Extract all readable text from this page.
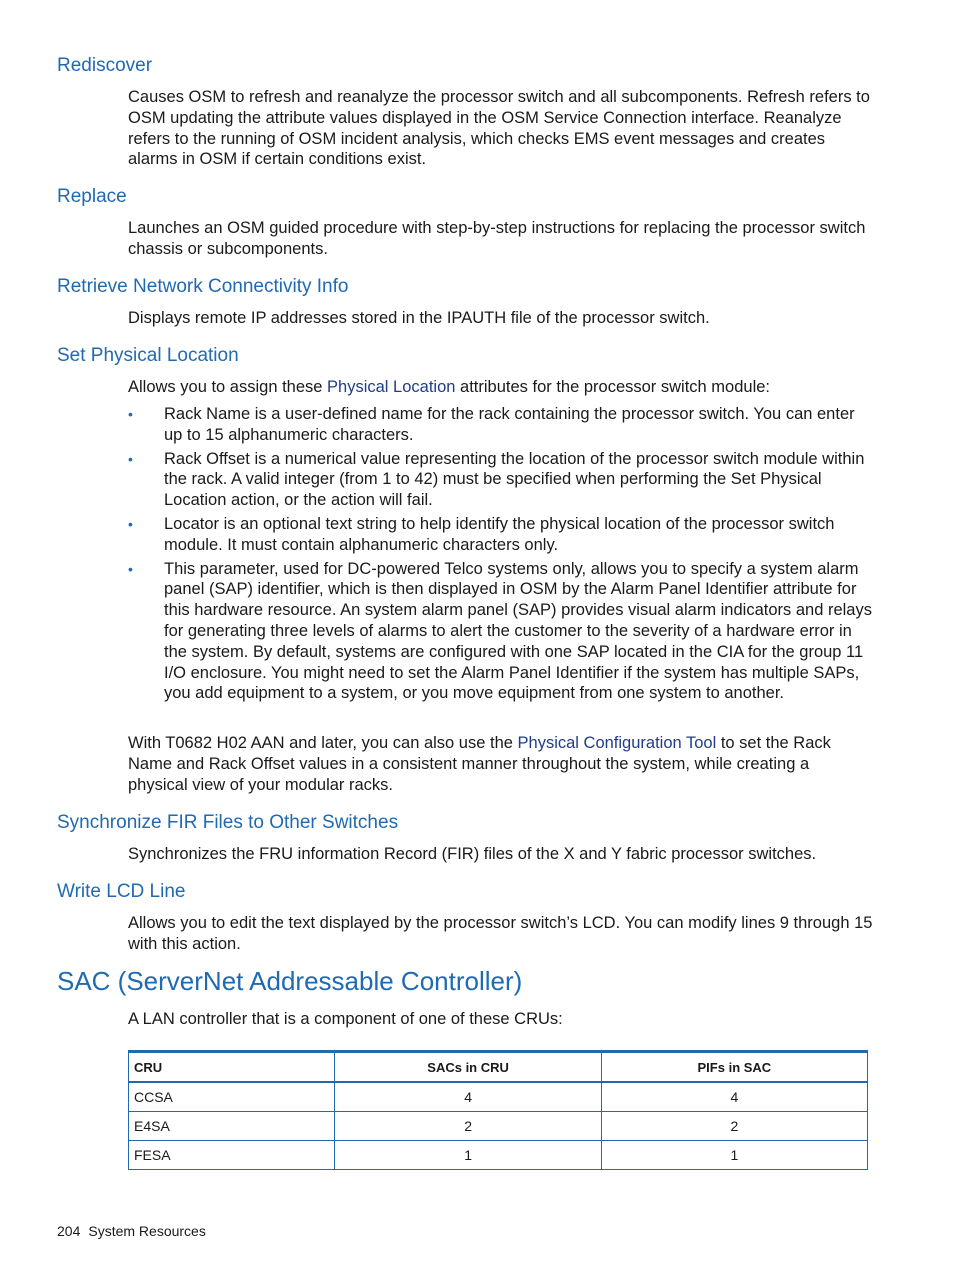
Rediscover

Causes OSM to refresh and reanalyze the processor switch and all subcomponents. Refresh refers to OSM updating the attribute values displayed in the OSM Service Connection interface. Reanalyze refers to the running of OSM incident analysis, which checks EMS event messages and creates alarms in OSM if certain conditions exist.

Replace

Launches an OSM guided procedure with step-by-step instructions for replacing the processor switch chassis or subcomponents.

Retrieve Network Connectivity Info

Displays remote IP addresses stored in the IPAUTH file of the processor switch.

Set Physical Location

Allows you to assign these Physical Location attributes for the processor switch module:

• Rack Name is a user-defined name for the rack containing the processor switch. You can enter up to 15 alphanumeric characters.
• Rack Offset is a numerical value representing the location of the processor switch module within the rack. A valid integer (from 1 to 42) must be specified when performing the Set Physical Location action, or the action will fail.
• Locator is an optional text string to help identify the physical location of the processor switch module. It must contain alphanumeric characters only.
• This parameter, used for DC-powered Telco systems only, allows you to specify a system alarm panel (SAP) identifier, which is then displayed in OSM by the Alarm Panel Identifier attribute for this hardware resource. An system alarm panel (SAP) provides visual alarm indicators and relays for generating three levels of alarms to alert the customer to the severity of a hardware error in the system. By default, systems are configured with one SAP located in the CIA for the group 11 I/O enclosure. You might need to set the Alarm Panel Identifier if the system has multiple SAPs, you add equipment to a system, or you move equipment from one system to another.

With T0682 H02 AAN and later, you can also use the Physical Configuration Tool to set the Rack Name and Rack Offset values in a consistent manner throughout the system, while creating a physical view of your modular racks.

Synchronize FIR Files to Other Switches

Synchronizes the FRU information Record (FIR) files of the X and Y fabric processor switches.

Write LCD Line

Allows you to edit the text displayed by the processor switch’s LCD. You can modify lines 9 through 15 with this action.

SAC (ServerNet Addressable Controller)

A LAN controller that is a component of one of these CRUs:

CRU	SACs in CRU	PIFs in SAC
CCSA	4	4
E4SA	2	2
FESA	1	1
204 System Resources
